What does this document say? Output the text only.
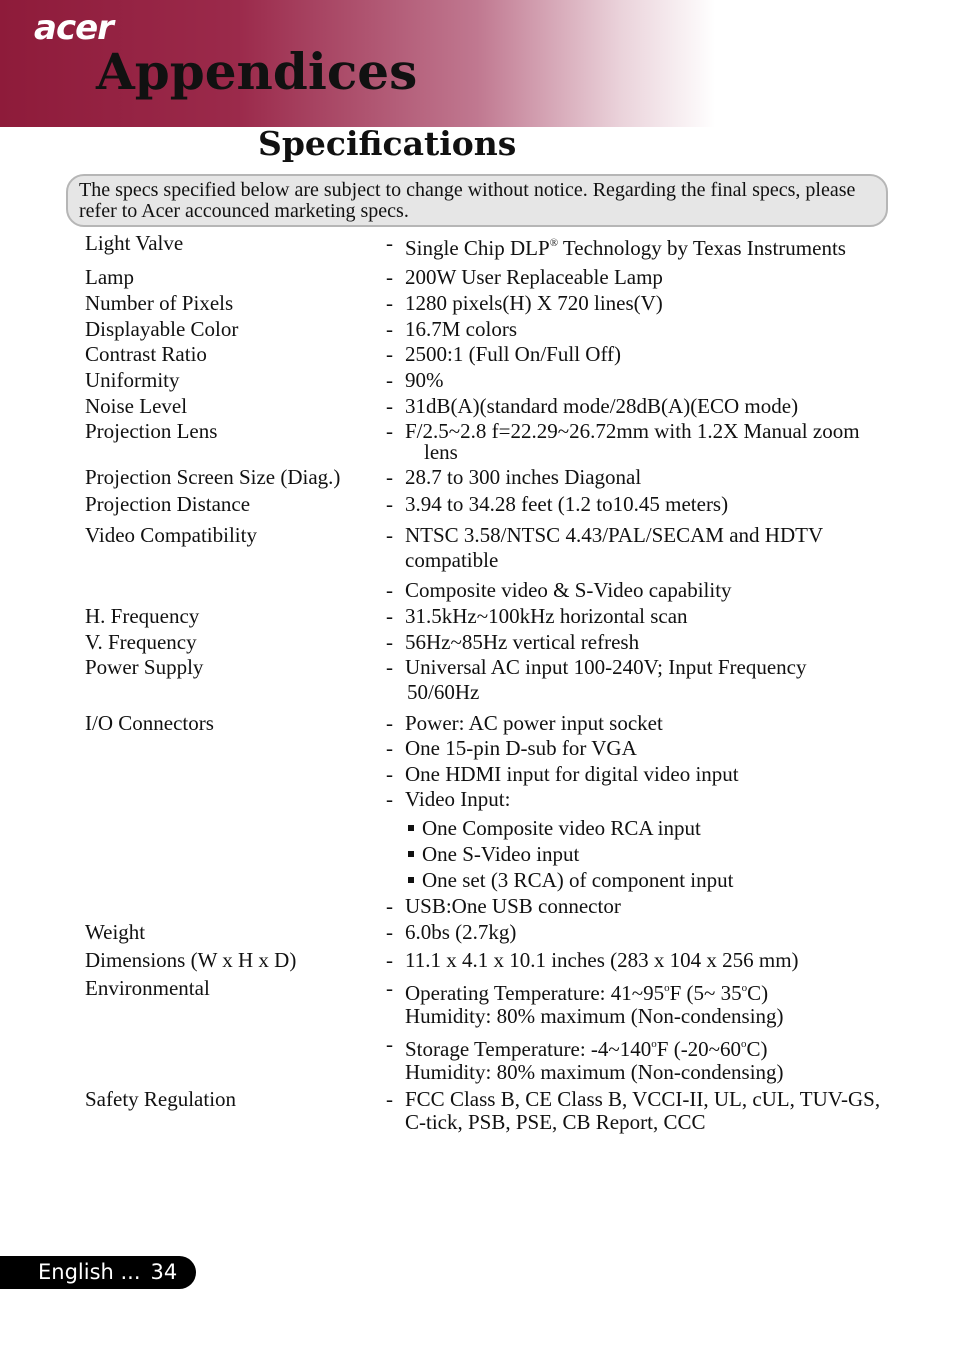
acer
Appendices
Specifications
The specs specified below are subject to change without notice. Regarding the final specs, please refer to Acer accounced marketing specs.
Light Valve	- Single Chip DLP® Technology by Texas Instruments
Lamp	- 200W User Replaceable Lamp
Number of Pixels	- 1280 pixels(H) X 720 lines(V)
Displayable Color	- 16.7M colors
Contrast Ratio	- 2500:1 (Full On/Full Off)
Uniformity	- 90%
Noise Level	- 31dB(A)(standard mode/28dB(A)(ECO mode)
Projection Lens	- F/2.5~2.8 f=22.29~26.72mm with 1.2X Manual zoom
lens
Projection Screen Size (Diag.) - 28.7 to 300 inches Diagonal
Projection Distance	- 3.94 to 34.28 feet (1.2 to10.45 meters)
Video Compatibility	- NTSC 3.58/NTSC 4.43/PAL/SECAM and HDTV
compatible
- Composite video & S-Video capability
H. Frequency	- 31.5kHz~100kHz horizontal scan
V. Frequency	- 56Hz~85Hz vertical refresh
Power Supply	- Universal AC input 100-240V; Input Frequency
50/60Hz
I/O Connectors	- Power: AC power input socket
- One 15-pin D-sub for VGA
- One HDMI input for digital video input
- Video Input:
One Composite video RCA input
One S-Video input
One set (3 RCA) of component input
- USB:One USB connector
Weight	- 6.0bs (2.7kg)
Dimensions (W x H x D)	- 11.1 x 4.1 x 10.1 inches (283 x 104 x 256 mm)
Environmental	- Operating Temperature: 41~95$^o$F (5~ 35$^o$C)
Humidity: 80% maximum (Non-condensing)
- Storage Temperature: -4~140$^o$F (-20~60$^o$C)
Humidity: 80% maximum (Non-condensing)
Safety Regulation	- FCC Class B, CE Class B, VCCI-II, UL, cUL, TUV-GS,
C-tick, PSB, PSE, CB Report, CCC
English ... 34
